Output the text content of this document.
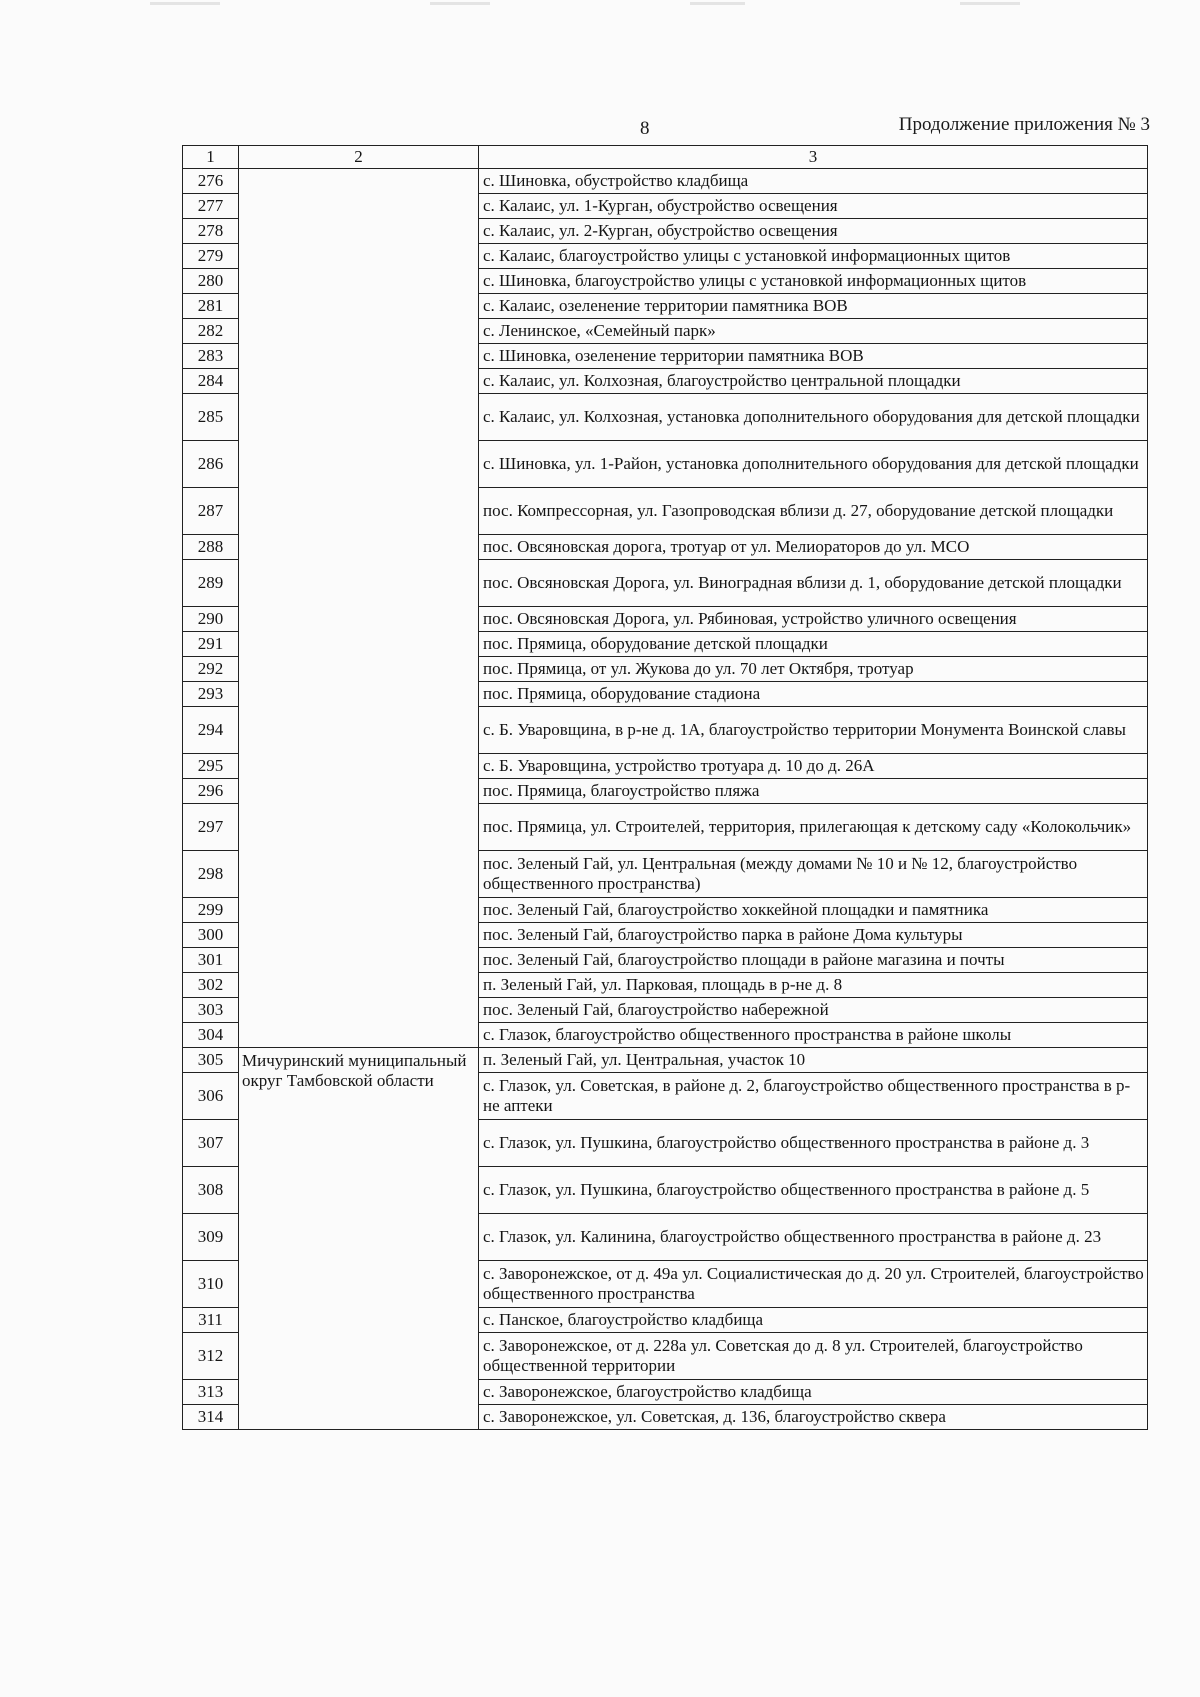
8	Продолжение приложения № 3
1	2	3
276		с. Шиновка, обустройство кладбища
277		с. Калаис, ул. 1-Курган, обустройство освещения
278		с. Калаис, ул. 2-Курган, обустройство освещения
279		с. Калаис, благоустройство улицы с установкой информационных щитов
280		с. Шиновка, благоустройство улицы с установкой информационных щитов
281		с. Калаис, озеленение территории памятника ВОВ
282		с. Ленинское, «Семейный парк»
283		с. Шиновка, озеленение территории памятника ВОВ
284		с. Калаис, ул. Колхозная, благоустройство центральной площадки
285		с. Калаис, ул. Колхозная, установка дополнительного оборудования для детской площадки
286		с. Шиновка, ул. 1-Район, установка дополнительного оборудования для детской площадки
287		пос. Компрессорная, ул. Газопроводская вблизи д. 27, оборудование детской площадки
288		пос. Овсяновская дорога, тротуар от ул. Мелиораторов до ул. МСО
289		пос. Овсяновская Дорога, ул. Виноградная вблизи д. 1, оборудование детской площадки
290		пос. Овсяновская Дорога, ул. Рябиновая, устройство уличного освещения
291		пос. Прямица, оборудование детской площадки
292		пос. Прямица, от ул. Жукова до ул. 70 лет Октября, тротуар
293		пос. Прямица, оборудование стадиона
294		с. Б. Уваровщина, в р-не д. 1А, благоустройство территории Монумента Воинской славы
295		с. Б. Уваровщина, устройство тротуара д. 10 до д. 26А
296		пос. Прямица, благоустройство пляжа
297		пос. Прямица, ул. Строителей, территория, прилегающая к детскому саду «Колокольчик»
298		пос. Зеленый Гай, ул. Центральная (между домами № 10 и № 12, благоустройство общественного пространства)
299		пос. Зеленый Гай, благоустройство хоккейной площадки и памятника
300		пос. Зеленый Гай, благоустройство парка в районе Дома культуры
301		пос. Зеленый Гай, благоустройство площади в районе магазина и почты
302		п. Зеленый Гай, ул. Парковая, площадь в р-не д. 8
303		пос. Зеленый Гай, благоустройство набережной
304		с. Глазок, благоустройство общественного пространства в районе школы
305	Мичуринский муниципальный округ Тамбовской области	п. Зеленый Гай, ул. Центральная, участок 10
306		с. Глазок, ул. Советская, в районе д. 2, благоустройство общественного пространства в р-не аптеки
307		с. Глазок, ул. Пушкина, благоустройство общественного пространства в районе д. 3
308		с. Глазок, ул. Пушкина, благоустройство общественного пространства в районе д. 5
309		с. Глазок, ул. Калинина, благоустройство общественного пространства в районе д. 23
310		с. Заворонежское, от д. 49а ул. Социалистическая до д. 20 ул. Строителей, благоустройство общественного пространства
311		с. Панское, благоустройство кладбища
312		с. Заворонежское, от д. 228а ул. Советская до д. 8 ул. Строителей, благоустройство общественной территории
313		с. Заворонежское, благоустройство кладбища
314		с. Заворонежское, ул. Советская, д. 136, благоустройство сквера
